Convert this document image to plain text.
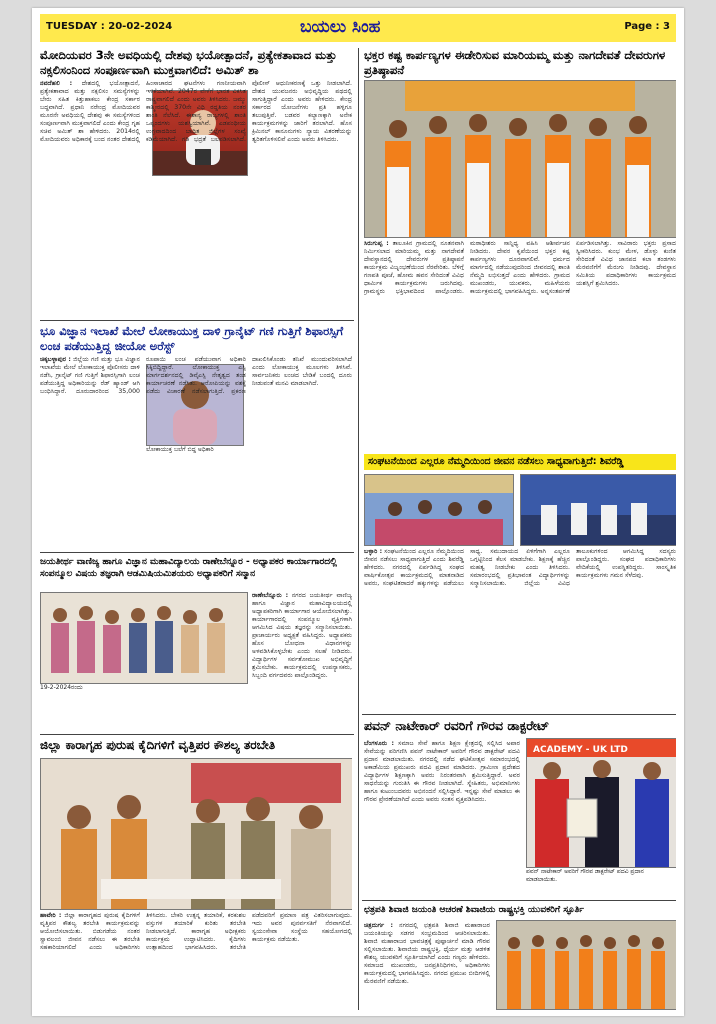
TUESDAY : 20-02-2024	ಬಯಲು ಸಿಂಹ	Page : 3

ಮೋದಿಯವರ 3ನೇ ಅವಧಿಯಲ್ಲಿ ದೇಶವು ಭಯೋತ್ಪಾದನೆ, ಪ್ರತ್ಯೇಕತಾವಾದ ಮತ್ತು ನಕ್ಸಲಿಸಂನಿಂದ ಸಂಪೂರ್ಣವಾಗಿ ಮುಕ್ತವಾಗಲಿದೆ: ಅಮಿತ್ ಶಾ

ನವದೆಹಲಿ : ದೇಶದಲ್ಲಿ ಭಯೋತ್ಪಾದನೆ, ಪ್ರತ್ಯೇಕತಾವಾದ ಮತ್ತು ನಕ್ಸಲಿಸಂ ಸಮಸ್ಯೆಗಳನ್ನು ಬೇರು ಸಹಿತ ಕಿತ್ತುಹಾಕಲು ಕೇಂದ್ರ ಸರ್ಕಾರ ಬದ್ಧವಾಗಿದೆ. ಪ್ರಧಾನಿ ನರೇಂದ್ರ ಮೋದಿಯವರ ಮೂರನೇ ಅವಧಿಯಲ್ಲಿ ದೇಶವು ಈ ಸಮಸ್ಯೆಗಳಿಂದ ಸಂಪೂರ್ಣವಾಗಿ ಮುಕ್ತವಾಗಲಿದೆ ಎಂದು ಕೇಂದ್ರ ಗೃಹ ಸಚಿವ ಅಮಿತ್ ಶಾ ಹೇಳಿದರು. 2014ರಲ್ಲಿ ಮೋದಿಯವರು ಅಧಿಕಾರಕ್ಕೆ ಬಂದ ನಂತರ ದೇಶದಲ್ಲಿ ಹಿಂಸಾಚಾರದ ಘಟನೆಗಳು ಗಣನೀಯವಾಗಿ ಇಳಿಕೆಯಾಗಿವೆ. 2047ರ ವೇಳೆಗೆ ಭಾರತ ವಿಕಸಿತ ರಾಷ್ಟ್ರವಾಗಲಿದೆ ಎಂದು ಅವರು ತಿಳಿಸಿದರು. ಜಮ್ಮು ಕಾಶ್ಮೀರದಲ್ಲಿ 370ನೇ ವಿಧಿ ರದ್ದತಿಯ ನಂತರ ಶಾಂತಿ ನೆಲೆಸಿದೆ. ಈಶಾನ್ಯ ರಾಜ್ಯಗಳಲ್ಲಿ ಶಾಂತಿ ಒಪ್ಪಂದಗಳು ಯಶಸ್ವಿಯಾಗಿವೆ. ಎಡಪಂಥೀಯ ಉಗ್ರವಾದದಿಂದ ಬಾಧಿತ ಜಿಲ್ಲೆಗಳ ಸಂಖ್ಯೆ ಕಡಿಮೆಯಾಗಿದೆ. ಗಡಿ ಭದ್ರತೆ ಬಲಪಡಿಸಲಾಗಿದೆ. ಪೊಲೀಸ್ ಆಧುನೀಕರಣಕ್ಕೆ ಒತ್ತು ನೀಡಲಾಗಿದೆ. ದೇಶದ ಯುವಜನರು ಅಭಿವೃದ್ಧಿಯ ಪಥದಲ್ಲಿ ಸಾಗುತ್ತಿದ್ದಾರೆ ಎಂದು ಅವರು ಹೇಳಿದರು. ಕೇಂದ್ರ ಸರ್ಕಾರದ ಯೋಜನೆಗಳು ಪ್ರತಿ ಹಳ್ಳಿಗೂ ತಲುಪುತ್ತಿವೆ. ಬಡವರ ಕಲ್ಯಾಣಕ್ಕಾಗಿ ಅನೇಕ ಕಾರ್ಯಕ್ರಮಗಳನ್ನು ಜಾರಿಗೆ ತರಲಾಗಿದೆ. ಹೊಸ ಕ್ರಿಮಿನಲ್ ಕಾನೂನುಗಳು ನ್ಯಾಯ ವಿತರಣೆಯನ್ನು ತ್ವರಿತಗೊಳಿಸಲಿವೆ ಎಂದು ಅವರು ತಿಳಿಸಿದರು.

ಭೂ ವಿಜ್ಞಾನ ಇಲಾಖೆ ಮೇಲೆ ಲೋಕಾಯುಕ್ತ ದಾಳಿ ಗ್ರಾನೈಟ್ ಗಣಿ ಗುತ್ತಿಗೆ ಶಿಫಾರಸ್ಸಿಗೆ ಲಂಚ ಪಡೆಯುತ್ತಿದ್ದ ಜೀಯೋ ಅರೆಸ್ಟ್

ಲೋಕಾಯುಕ್ತ ಬಲೆಗೆ ಬಿದ್ದ ಅಧಿಕಾರಿ
ಚಿಕ್ಕಬಳ್ಳಾಪುರ : ಜಿಲ್ಲೆಯ ಗಣಿ ಮತ್ತು ಭೂ ವಿಜ್ಞಾನ ಇಲಾಖೆಯ ಮೇಲೆ ಲೋಕಾಯುಕ್ತ ಪೊಲೀಸರು ದಾಳಿ ನಡೆಸಿ, ಗ್ರಾನೈಟ್ ಗಣಿ ಗುತ್ತಿಗೆ ಶಿಫಾರಸ್ಸಿಗಾಗಿ ಲಂಚ ಪಡೆಯುತ್ತಿದ್ದ ಅಧಿಕಾರಿಯನ್ನು ರೆಡ್ ಹ್ಯಾಂಡ್ ಆಗಿ ಬಂಧಿಸಿದ್ದಾರೆ. ದೂರುದಾರರಿಂದ 35,000 ರೂಪಾಯಿ ಲಂಚ ಪಡೆಯುವಾಗ ಅಧಿಕಾರಿ ಸಿಕ್ಕಿಬಿದ್ದಿದ್ದಾರೆ. ಲೋಕಾಯುಕ್ತ ಎಸ್ಪಿ ಮಾರ್ಗದರ್ಶನದಲ್ಲಿ ಡಿವೈಎಸ್ಪಿ ನೇತೃತ್ವದ ತಂಡ ಕಾರ್ಯಾಚರಣೆ ನಡೆಸಿತು. ಆರೋಪಿಯನ್ನು ವಶಕ್ಕೆ ಪಡೆದು ವಿಚಾರಣೆ ನಡೆಸಲಾಗುತ್ತಿದೆ. ಪ್ರಕರಣ ದಾಖಲಿಸಿಕೊಂಡು ತನಿಖೆ ಮುಂದುವರಿಸಲಾಗಿದೆ ಎಂದು ಲೋಕಾಯುಕ್ತ ಮೂಲಗಳು ತಿಳಿಸಿವೆ. ಸಾರ್ವಜನಿಕರು ಲಂಚದ ಬೇಡಿಕೆ ಬಂದಲ್ಲಿ ದೂರು ನೀಡುವಂತೆ ಮನವಿ ಮಾಡಲಾಗಿದೆ.

ಜಯತೀರ್ಥ ವಾಣಿಜ್ಯ ಹಾಗೂ ವಿಜ್ಞಾನ ಮಹಾವಿದ್ಯಾಲಯ ರಾಣೇಬೆನ್ನೂರ - ಅಧ್ಯಾಪಕರ ಕಾರ್ಯಾಗಾರದಲ್ಲಿ ಸಂಪನ್ಮೂಲ ವಿಷಯ ತಜ್ಞರಾಗಿ ಆಡಮಿಷಿಯಮಿಶಯರು ಅಧ್ಯಾಪಕರಿಗೆ ಸನ್ಮಾನ

19-2-2024ರಂದು
ರಾಣೇಬೆನ್ನೂರು : ನಗರದ ಜಯತೀರ್ಥ ವಾಣಿಜ್ಯ ಹಾಗೂ ವಿಜ್ಞಾನ ಮಹಾವಿದ್ಯಾಲಯದಲ್ಲಿ ಅಧ್ಯಾಪಕರಿಗಾಗಿ ಕಾರ್ಯಾಗಾರ ಆಯೋಜಿಸಲಾಗಿತ್ತು. ಕಾರ್ಯಾಗಾರದಲ್ಲಿ ಸಂಪನ್ಮೂಲ ವ್ಯಕ್ತಿಗಳಾಗಿ ಆಗಮಿಸಿದ ವಿಷಯ ತಜ್ಞರನ್ನು ಸನ್ಮಾನಿಸಲಾಯಿತು. ಪ್ರಾಚಾರ್ಯರು ಅಧ್ಯಕ್ಷತೆ ವಹಿಸಿದ್ದರು. ಅಧ್ಯಾಪಕರು ಹೊಸ ಬೋಧನಾ ವಿಧಾನಗಳನ್ನು ಅಳವಡಿಸಿಕೊಳ್ಳಬೇಕು ಎಂದು ಸಲಹೆ ನೀಡಿದರು. ವಿದ್ಯಾರ್ಥಿಗಳ ಸರ್ವತೋಮುಖ ಅಭಿವೃದ್ಧಿಗೆ ಶ್ರಮಿಸಬೇಕು. ಕಾರ್ಯಕ್ರಮದಲ್ಲಿ ಉಪನ್ಯಾಸಕರು, ಸಿಬ್ಬಂದಿ ವರ್ಗದವರು ಪಾಲ್ಗೊಂಡಿದ್ದರು.

ಜಿಲ್ಲಾ ಕಾರಾಗೃಹ ಪುರುಷ ಕೈದಿಗಳಿಗೆ ವೃತ್ತಿಪರ ಕೌಶಲ್ಯ ತರಬೇತಿ

ಹಾವೇರಿ : ಜಿಲ್ಲಾ ಕಾರಾಗೃಹದ ಪುರುಷ ಕೈದಿಗಳಿಗೆ ವೃತ್ತಿಪರ ಕೌಶಲ್ಯ ತರಬೇತಿ ಕಾರ್ಯಕ್ರಮವನ್ನು ಆಯೋಜಿಸಲಾಯಿತು. ಬಿಡುಗಡೆಯ ನಂತರ ಸ್ವಾವಲಂಬಿ ಜೀವನ ನಡೆಸಲು ಈ ತರಬೇತಿ ಸಹಕಾರಿಯಾಗಲಿದೆ ಎಂದು ಅಧಿಕಾರಿಗಳು ತಿಳಿಸಿದರು. ಬೇಕರಿ ಉತ್ಪನ್ನ ತಯಾರಿಕೆ, ಕರಕುಶಲ ವಸ್ತುಗಳ ತಯಾರಿಕೆ ಕುರಿತು ತರಬೇತಿ ನೀಡಲಾಗುತ್ತಿದೆ. ಕಾರಾಗೃಹ ಅಧೀಕ್ಷಕರು ಕಾರ್ಯಕ್ರಮ ಉದ್ಘಾಟಿಸಿದರು. ಕೈದಿಗಳು ಉತ್ಸಾಹದಿಂದ ಭಾಗವಹಿಸಿದರು. ತರಬೇತಿ ಪಡೆದವರಿಗೆ ಪ್ರಮಾಣ ಪತ್ರ ವಿತರಿಸಲಾಗುವುದು. ಇದು ಅವರ ಪುನರ್ವಸತಿಗೆ ನೆರವಾಗಲಿದೆ. ಸ್ವಯಂಸೇವಾ ಸಂಸ್ಥೆಯ ಸಹಯೋಗದಲ್ಲಿ ಕಾರ್ಯಕ್ರಮ ನಡೆಯಿತು.

ಭಕ್ತರ ಕಷ್ಟ ಕಾರ್ಪಣ್ಯಗಳ ಈಡೇರಿಸುವ ಮಾರಿಯಮ್ಮ ಮತ್ತು ನಾಗದೇವತೆ ದೇವರುಗಳ ಪ್ರತಿಷ್ಠಾಪನೆ

ಸಿರುಗುಪ್ಪ : ತಾಲೂಕಿನ ಗ್ರಾಮದಲ್ಲಿ ನೂತನವಾಗಿ ನಿರ್ಮಿಸಲಾದ ಮಾರಿಯಮ್ಮ ಮತ್ತು ನಾಗದೇವತೆ ದೇವಸ್ಥಾನದಲ್ಲಿ ದೇವರುಗಳ ಪ್ರತಿಷ್ಠಾಪನೆ ಕಾರ್ಯಕ್ರಮ ವಿಜೃಂಭಣೆಯಿಂದ ನೆರವೇರಿತು. ಬೆಳಿಗ್ಗೆ ಗಣಪತಿ ಪೂಜೆ, ಹೋಮ ಹವನ ಸೇರಿದಂತೆ ವಿವಿಧ ಧಾರ್ಮಿಕ ಕಾರ್ಯಕ್ರಮಗಳು ಜರುಗಿದವು. ಗ್ರಾಮಸ್ಥರು ಭಕ್ತಿಭಾವದಿಂದ ಪಾಲ್ಗೊಂಡರು. ಮಠಾಧೀಶರು ಸಾನ್ನಿಧ್ಯ ವಹಿಸಿ ಆಶೀರ್ವಚನ ನೀಡಿದರು. ದೇವರ ಕೃಪೆಯಿಂದ ಭಕ್ತರ ಕಷ್ಟ ಕಾರ್ಪಣ್ಯಗಳು ದೂರವಾಗಲಿವೆ. ಧರ್ಮದ ಮಾರ್ಗದಲ್ಲಿ ನಡೆಯುವುದರಿಂದ ಜೀವನದಲ್ಲಿ ಶಾಂತಿ ನೆಮ್ಮದಿ ಲಭಿಸುತ್ತದೆ ಎಂದು ಹೇಳಿದರು. ಗ್ರಾಮದ ಮುಖಂಡರು, ಯುವಕರು, ಮಹಿಳೆಯರು ಕಾರ್ಯಕ್ರಮದಲ್ಲಿ ಭಾಗವಹಿಸಿದ್ದರು. ಅನ್ನಸಂತರ್ಪಣೆ ಏರ್ಪಡಿಸಲಾಗಿತ್ತು. ಸಾವಿರಾರು ಭಕ್ತರು ಪ್ರಸಾದ ಸ್ವೀಕರಿಸಿದರು. ಕುಂಭ ಮೇಳ, ಡೊಳ್ಳು ಕುಣಿತ ಸೇರಿದಂತೆ ವಿವಿಧ ಜಾನಪದ ಕಲಾ ತಂಡಗಳು ಮೆರವಣಿಗೆಗೆ ಮೆರುಗು ನೀಡಿದವು. ದೇವಸ್ಥಾನ ಸಮಿತಿಯ ಪದಾಧಿಕಾರಿಗಳು ಕಾರ್ಯಕ್ರಮದ ಯಶಸ್ಸಿಗೆ ಶ್ರಮಿಸಿದರು.
ಸಂಘಟನೆಯಿಂದ ಎಲ್ಲರೂ ನೆಮ್ಮದಿಯಿಂದ ಜೀವನ ನಡೆಸಲು ಸಾಧ್ಯವಾಗುತ್ತಿದೆ: ಶಿವರೆಡ್ಡಿ
ಬಳ್ಳಾರಿ : ಸಂಘಟನೆಯಿಂದ ಎಲ್ಲರೂ ನೆಮ್ಮದಿಯಿಂದ ಜೀವನ ನಡೆಸಲು ಸಾಧ್ಯವಾಗುತ್ತಿದೆ ಎಂದು ಶಿವರೆಡ್ಡಿ ಹೇಳಿದರು. ನಗರದಲ್ಲಿ ಏರ್ಪಡಿಸಿದ್ದ ಸಂಘದ ವಾರ್ಷಿಕೋತ್ಸವ ಕಾರ್ಯಕ್ರಮದಲ್ಲಿ ಮಾತನಾಡಿದ ಅವರು, ಸಂಘಟಿತರಾದರೆ ಹಕ್ಕುಗಳನ್ನು ಪಡೆಯಲು ಸಾಧ್ಯ. ಸಮುದಾಯದ ಏಳಿಗೆಗಾಗಿ ಎಲ್ಲರೂ ಒಗ್ಗಟ್ಟಿನಿಂದ ಕೆಲಸ ಮಾಡಬೇಕು. ಶಿಕ್ಷಣಕ್ಕೆ ಹೆಚ್ಚಿನ ಮಹತ್ವ ನೀಡಬೇಕು ಎಂದು ತಿಳಿಸಿದರು. ಸಮಾರಂಭದಲ್ಲಿ ಪ್ರತಿಭಾವಂತ ವಿದ್ಯಾರ್ಥಿಗಳನ್ನು ಸನ್ಮಾನಿಸಲಾಯಿತು. ಜಿಲ್ಲೆಯ ವಿವಿಧ ತಾಲೂಕುಗಳಿಂದ ಆಗಮಿಸಿದ್ದ ಸದಸ್ಯರು ಪಾಲ್ಗೊಂಡಿದ್ದರು. ಸಂಘದ ಪದಾಧಿಕಾರಿಗಳು ವೇದಿಕೆಯಲ್ಲಿ ಉಪಸ್ಥಿತರಿದ್ದರು. ಸಾಂಸ್ಕೃತಿಕ ಕಾರ್ಯಕ್ರಮಗಳು ಗಮನ ಸೆಳೆದವು.

ಪವನ್ ನಾಟೇಕಾರ್ ರವರಿಗೆ ಗೌರವ ಡಾಕ್ಟರೇಟ್

ACADEMY - UK LTD
ಪವನ್ ನಾಟೇಕಾರ್ ಅವರಿಗೆ ಗೌರವ ಡಾಕ್ಟರೇಟ್ ಪದವಿ ಪ್ರದಾನ ಮಾಡಲಾಯಿತು.
ಬೆಂಗಳೂರು : ಸಮಾಜ ಸೇವೆ ಹಾಗೂ ಶಿಕ್ಷಣ ಕ್ಷೇತ್ರದಲ್ಲಿ ಸಲ್ಲಿಸಿದ ಅಪಾರ ಸೇವೆಯನ್ನು ಪರಿಗಣಿಸಿ ಪವನ್ ನಾಟೇಕಾರ್ ಅವರಿಗೆ ಗೌರವ ಡಾಕ್ಟರೇಟ್ ಪದವಿ ಪ್ರದಾನ ಮಾಡಲಾಯಿತು. ನಗರದಲ್ಲಿ ನಡೆದ ಘಟಿಕೋತ್ಸವ ಸಮಾರಂಭದಲ್ಲಿ ಅಕಾಡೆಮಿಯ ಪ್ರಮುಖರು ಪದವಿ ಪ್ರದಾನ ಮಾಡಿದರು. ಗ್ರಾಮೀಣ ಪ್ರದೇಶದ ವಿದ್ಯಾರ್ಥಿಗಳ ಶಿಕ್ಷಣಕ್ಕಾಗಿ ಅವರು ನಿರಂತರವಾಗಿ ಶ್ರಮಿಸುತ್ತಿದ್ದಾರೆ. ಅವರ ಸಾಧನೆಯನ್ನು ಗುರುತಿಸಿ ಈ ಗೌರವ ನೀಡಲಾಗಿದೆ. ಸ್ನೇಹಿತರು, ಅಭಿಮಾನಿಗಳು ಹಾಗೂ ಕುಟುಂಬದವರು ಅಭಿನಂದನೆ ಸಲ್ಲಿಸಿದ್ದಾರೆ. ಇನ್ನಷ್ಟು ಸೇವೆ ಮಾಡಲು ಈ ಗೌರವ ಪ್ರೇರಣೆಯಾಗಿದೆ ಎಂದು ಅವರು ಸಂತಸ ವ್ಯಕ್ತಪಡಿಸಿದರು.

ಛತ್ರಪತಿ ಶಿವಾಜಿ ಜಯಂತಿ ಆಚರಣೆ ಶಿವಾಜಿಯ ರಾಷ್ಟ್ರಭಕ್ತಿ ಯುವಕರಿಗೆ ಸ್ಫೂರ್ತಿ

ಚಿತ್ರದುರ್ಗ : ನಗರದಲ್ಲಿ ಛತ್ರಪತಿ ಶಿವಾಜಿ ಮಹಾರಾಜರ ಜಯಂತಿಯನ್ನು ಸಡಗರ ಸಂಭ್ರಮದಿಂದ ಆಚರಿಸಲಾಯಿತು. ಶಿವಾಜಿ ಮಹಾರಾಜರ ಭಾವಚಿತ್ರಕ್ಕೆ ಪುಷ್ಪಾರ್ಚನೆ ಮಾಡಿ ಗೌರವ ಸಲ್ಲಿಸಲಾಯಿತು. ಶಿವಾಜಿಯ ರಾಷ್ಟ್ರಭಕ್ತಿ, ಧೈರ್ಯ ಮತ್ತು ಆಡಳಿತ ಕೌಶಲ್ಯ ಯುವಕರಿಗೆ ಸ್ಫೂರ್ತಿಯಾಗಿದೆ ಎಂದು ಗಣ್ಯರು ಹೇಳಿದರು. ಸಮಾಜದ ಮುಖಂಡರು, ಜನಪ್ರತಿನಿಧಿಗಳು, ಅಧಿಕಾರಿಗಳು ಕಾರ್ಯಕ್ರಮದಲ್ಲಿ ಭಾಗವಹಿಸಿದ್ದರು. ನಗರದ ಪ್ರಮುಖ ಬೀದಿಗಳಲ್ಲಿ ಮೆರವಣಿಗೆ ನಡೆಯಿತು.
